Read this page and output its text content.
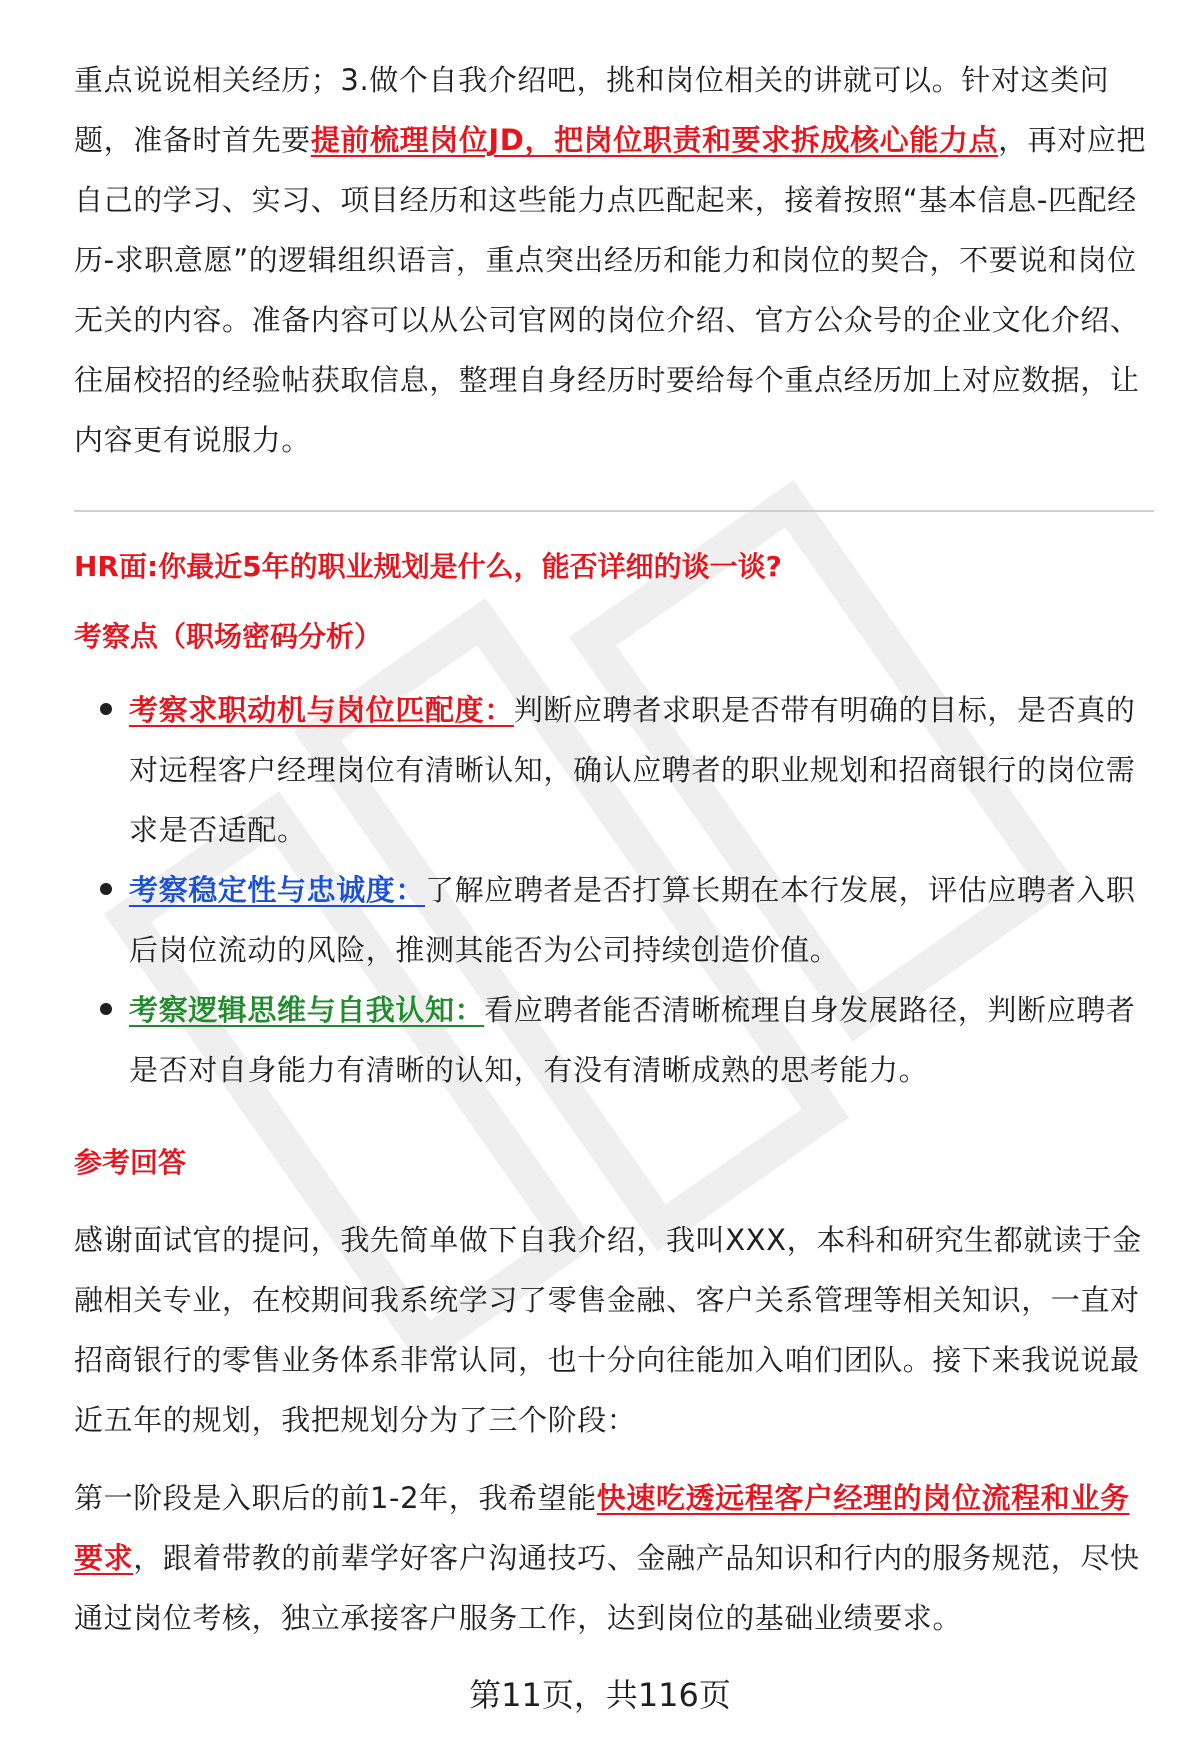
重点说说相关经历；3.做个自我介绍吧，挑和岗位相关的讲就可以。针对这类问题，准备时首先要提前梳理岗位JD，把岗位职责和要求拆成核心能力点，再对应把自己的学习、实习、项目经历和这些能力点匹配起来，接着按照“基本信息-匹配经历-求职意愿”的逻辑组织语言，重点突出经历和能力和岗位的契合，不要说和岗位无关的内容。准备内容可以从公司官网的岗位介绍、官方公众号的企业文化介绍、往届校招的经验帖获取信息，整理自身经历时要给每个重点经历加上对应数据，让内容更有说服力。

HR面:你最近5年的职业规划是什么，能否详细的谈一谈?

考察点（职场密码分析）

考察求职动机与岗位匹配度：判断应聘者求职是否带有明确的目标，是否真的对远程客户经理岗位有清晰认知，确认应聘者的职业规划和招商银行的岗位需求是否适配。
考察稳定性与忠诚度：了解应聘者是否打算长期在本行发展，评估应聘者入职后岗位流动的风险，推测其能否为公司持续创造价值。
考察逻辑思维与自我认知：看应聘者能否清晰梳理自身发展路径，判断应聘者是否对自身能力有清晰的认知，有没有清晰成熟的思考能力。

参考回答

感谢面试官的提问，我先简单做下自我介绍，我叫XXX，本科和研究生都就读于金融相关专业，在校期间我系统学习了零售金融、客户关系管理等相关知识，一直对招商银行的零售业务体系非常认同，也十分向往能加入咱们团队。接下来我说说最近五年的规划，我把规划分为了三个阶段：

第一阶段是入职后的前1-2年，我希望能快速吃透远程客户经理的岗位流程和业务要求，跟着带教的前辈学好客户沟通技巧、金融产品知识和行内的服务规范，尽快通过岗位考核，独立承接客户服务工作，达到岗位的基础业绩要求。

第11页，共116页
